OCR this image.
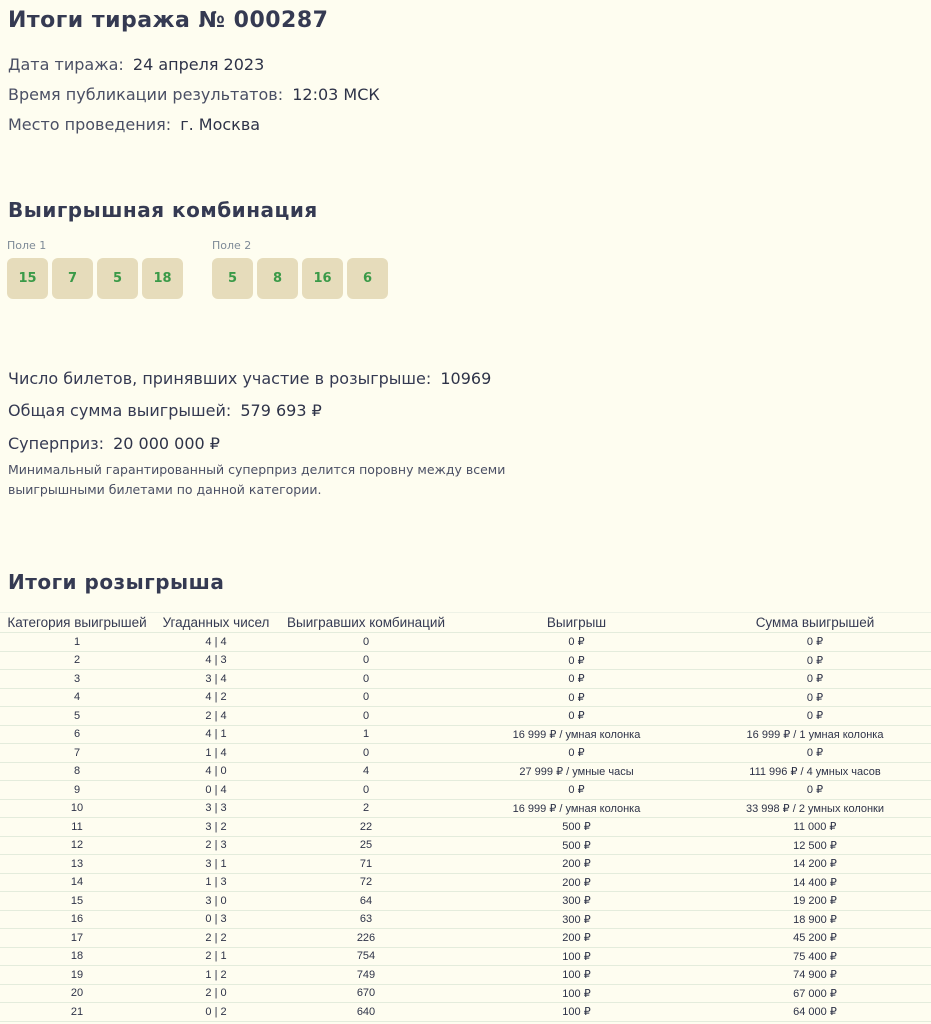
Итоги тиража № 000287
Дата тиража: 24 апреля 2023
Время публикации результатов: 12:03 МСК
Место проведения: г. Москва
Выигрышная комбинация
Поле 1
15	7	5	18
Поле 2
5	8	16	6
Число билетов, принявших участие в розыгрыше: 10969
Общая сумма выигрышей: 579 693 ₽
Суперприз: 20 000 000 ₽
Минимальный гарантированный суперприз делится поровну между всеми выигрышными билетами по данной категории.
Итоги розыгрыша
Категория выигрышей	Угаданных чисел	Выигравших комбинаций	Выигрыш	Сумма выигрышей
1	4 | 4	0	0 ₽	0 ₽
2	4 | 3	0	0 ₽	0 ₽
3	3 | 4	0	0 ₽	0 ₽
4	4 | 2	0	0 ₽	0 ₽
5	2 | 4	0	0 ₽	0 ₽
6	4 | 1	1	16 999 ₽ / умная колонка	16 999 ₽ / 1 умная колонка
7	1 | 4	0	0 ₽	0 ₽
8	4 | 0	4	27 999 ₽ / умные часы	111 996 ₽ / 4 умных часов
9	0 | 4	0	0 ₽	0 ₽
10	3 | 3	2	16 999 ₽ / умная колонка	33 998 ₽ / 2 умных колонки
11	3 | 2	22	500 ₽	11 000 ₽
12	2 | 3	25	500 ₽	12 500 ₽
13	3 | 1	71	200 ₽	14 200 ₽
14	1 | 3	72	200 ₽	14 400 ₽
15	3 | 0	64	300 ₽	19 200 ₽
16	0 | 3	63	300 ₽	18 900 ₽
17	2 | 2	226	200 ₽	45 200 ₽
18	2 | 1	754	100 ₽	75 400 ₽
19	1 | 2	749	100 ₽	74 900 ₽
20	2 | 0	670	100 ₽	67 000 ₽
21	0 | 2	640	100 ₽	64 000 ₽
